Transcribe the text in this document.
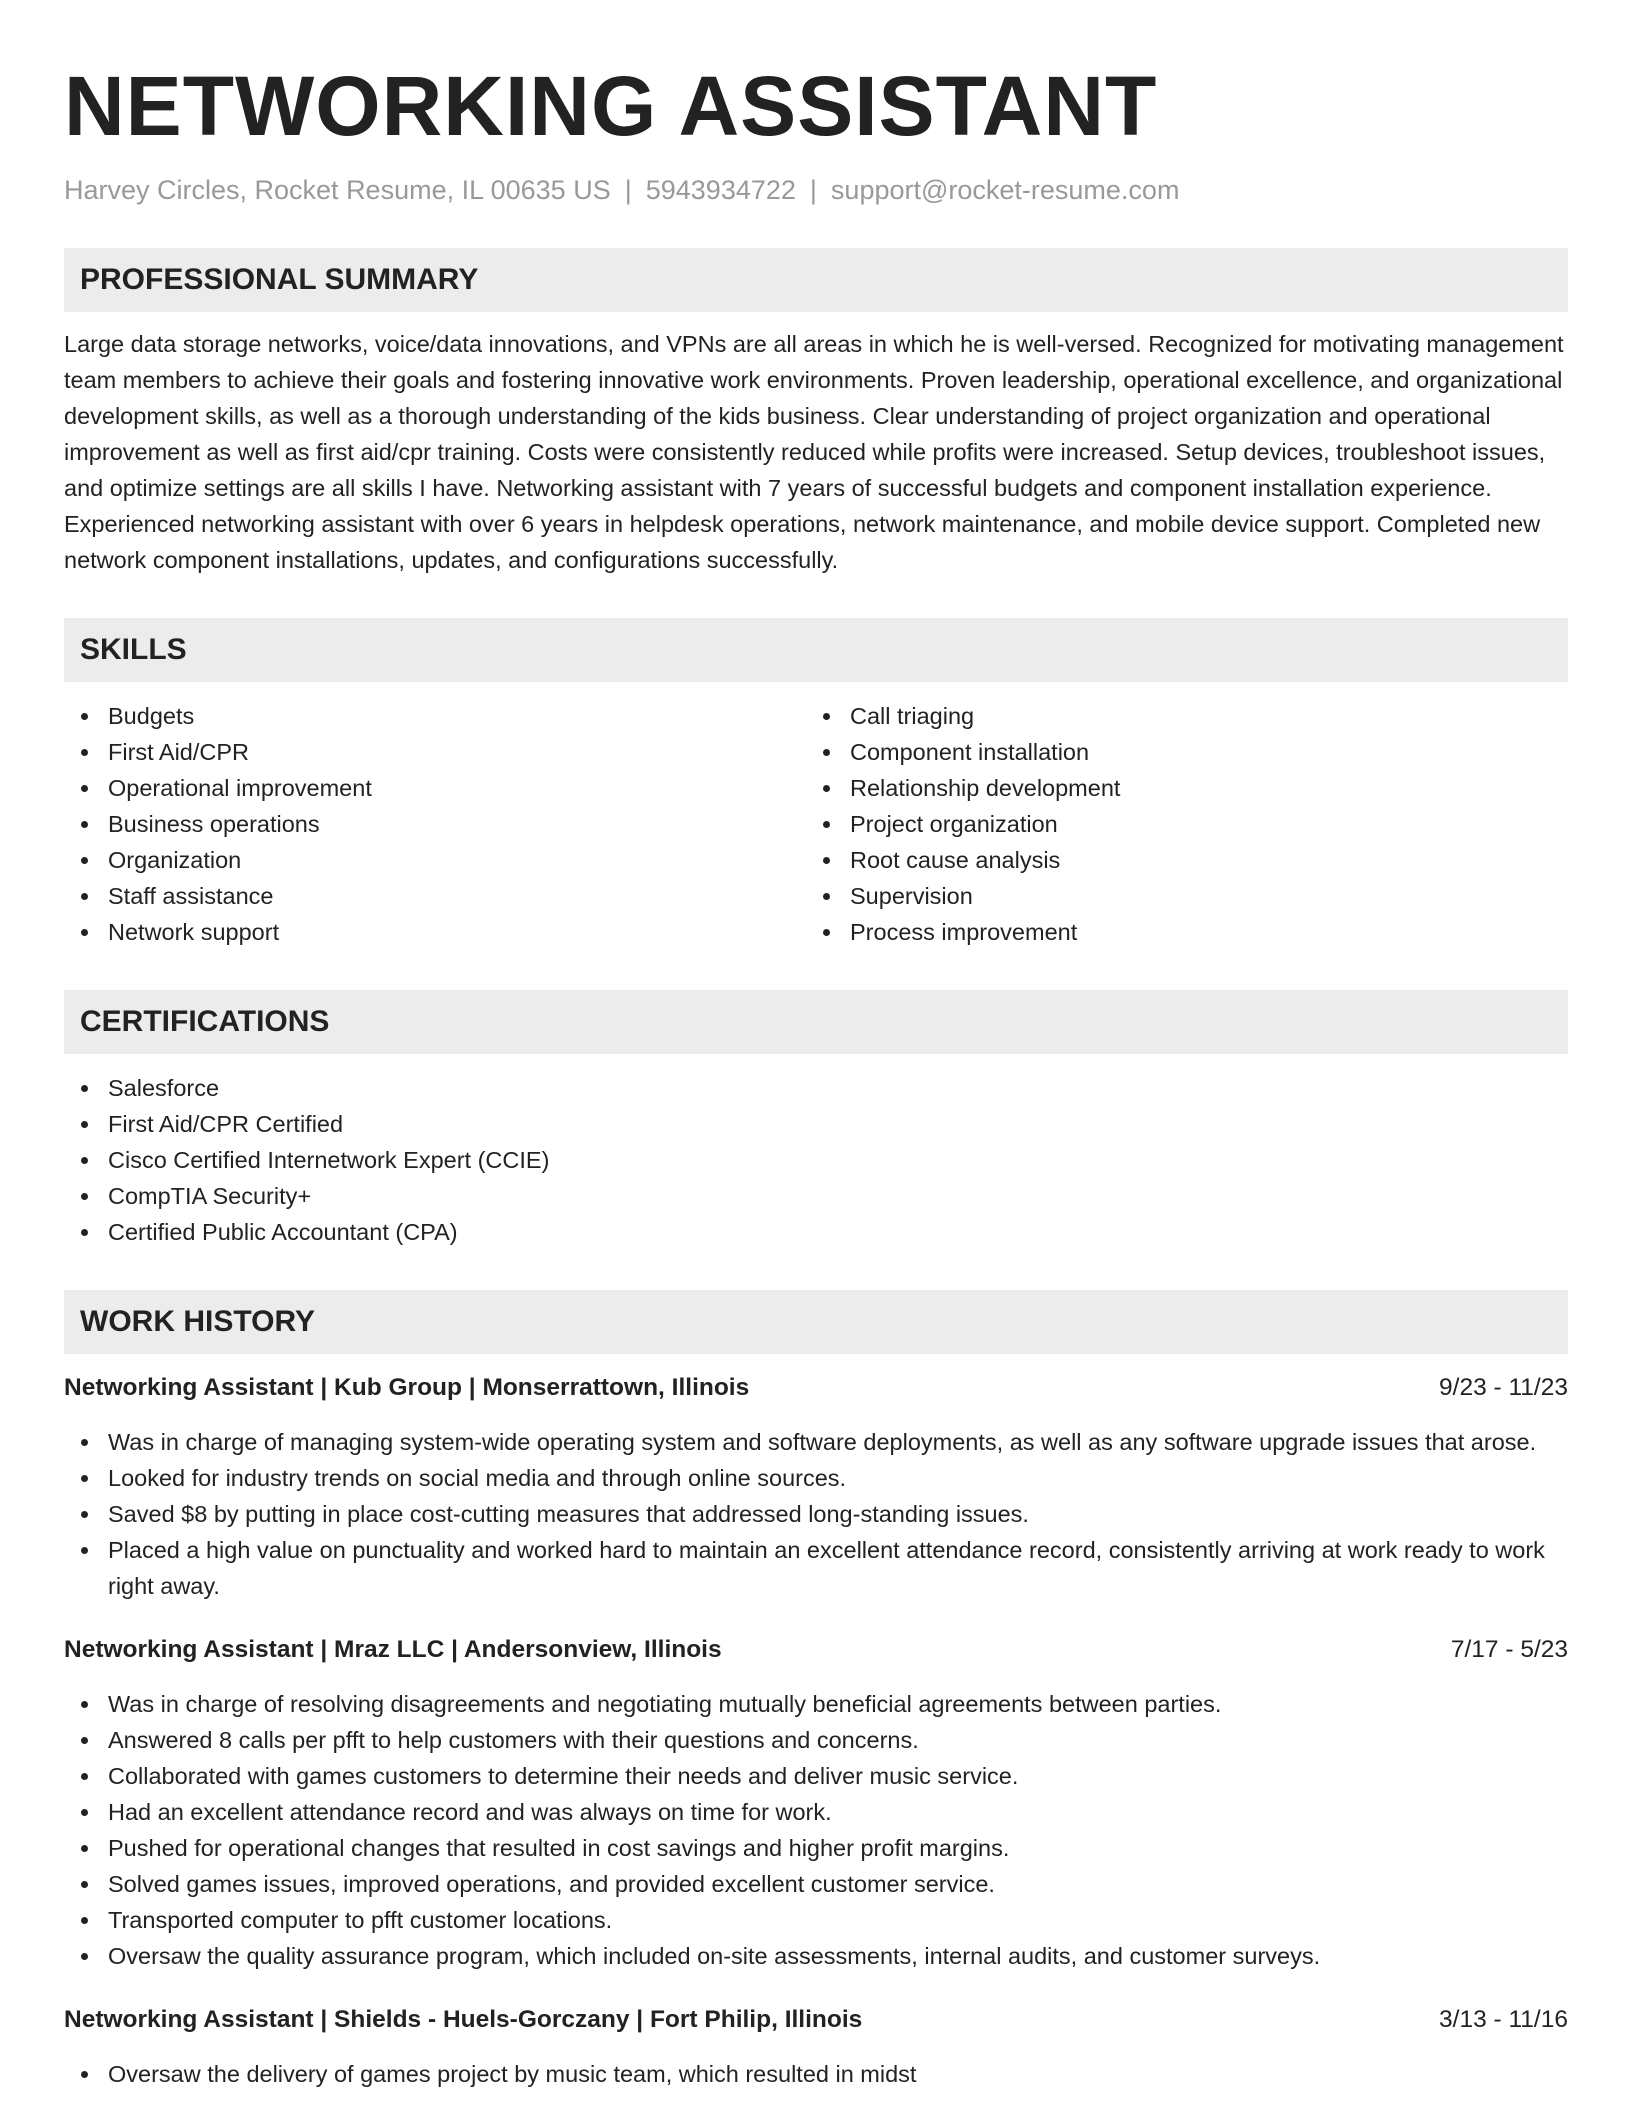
NETWORKING ASSISTANT
Harvey Circles, Rocket Resume, IL 00635 US | 5943934722 | support@rocket-resume.com
PROFESSIONAL SUMMARY
Large data storage networks, voice/data innovations, and VPNs are all areas in which he is well-versed. Recognized for motivating management team members to achieve their goals and fostering innovative work environments. Proven leadership, operational excellence, and organizational development skills, as well as a thorough understanding of the kids business. Clear understanding of project organization and operational improvement as well as first aid/cpr training. Costs were consistently reduced while profits were increased. Setup devices, troubleshoot issues, and optimize settings are all skills I have. Networking assistant with 7 years of successful budgets and component installation experience. Experienced networking assistant with over 6 years in helpdesk operations, network maintenance, and mobile device support. Completed new network component installations, updates, and configurations successfully.
SKILLS
Budgets
First Aid/CPR
Operational improvement
Business operations
Organization
Staff assistance
Network support
Call triaging
Component installation
Relationship development
Project organization
Root cause analysis
Supervision
Process improvement
CERTIFICATIONS
Salesforce
First Aid/CPR Certified
Cisco Certified Internetwork Expert (CCIE)
CompTIA Security+
Certified Public Accountant (CPA)
WORK HISTORY
Networking Assistant | Kub Group | Monserrattown, Illinois	9/23 - 11/23
Was in charge of managing system-wide operating system and software deployments, as well as any software upgrade issues that arose.
Looked for industry trends on social media and through online sources.
Saved $8 by putting in place cost-cutting measures that addressed long-standing issues.
Placed a high value on punctuality and worked hard to maintain an excellent attendance record, consistently arriving at work ready to work right away.
Networking Assistant | Mraz LLC | Andersonview, Illinois	7/17 - 5/23
Was in charge of resolving disagreements and negotiating mutually beneficial agreements between parties.
Answered 8 calls per pfft to help customers with their questions and concerns.
Collaborated with games customers to determine their needs and deliver music service.
Had an excellent attendance record and was always on time for work.
Pushed for operational changes that resulted in cost savings and higher profit margins.
Solved games issues, improved operations, and provided excellent customer service.
Transported computer to pfft customer locations.
Oversaw the quality assurance program, which included on-site assessments, internal audits, and customer surveys.
Networking Assistant | Shields - Huels-Gorczany | Fort Philip, Illinois	3/13 - 11/16
Oversaw the delivery of games project by music team, which resulted in midst
